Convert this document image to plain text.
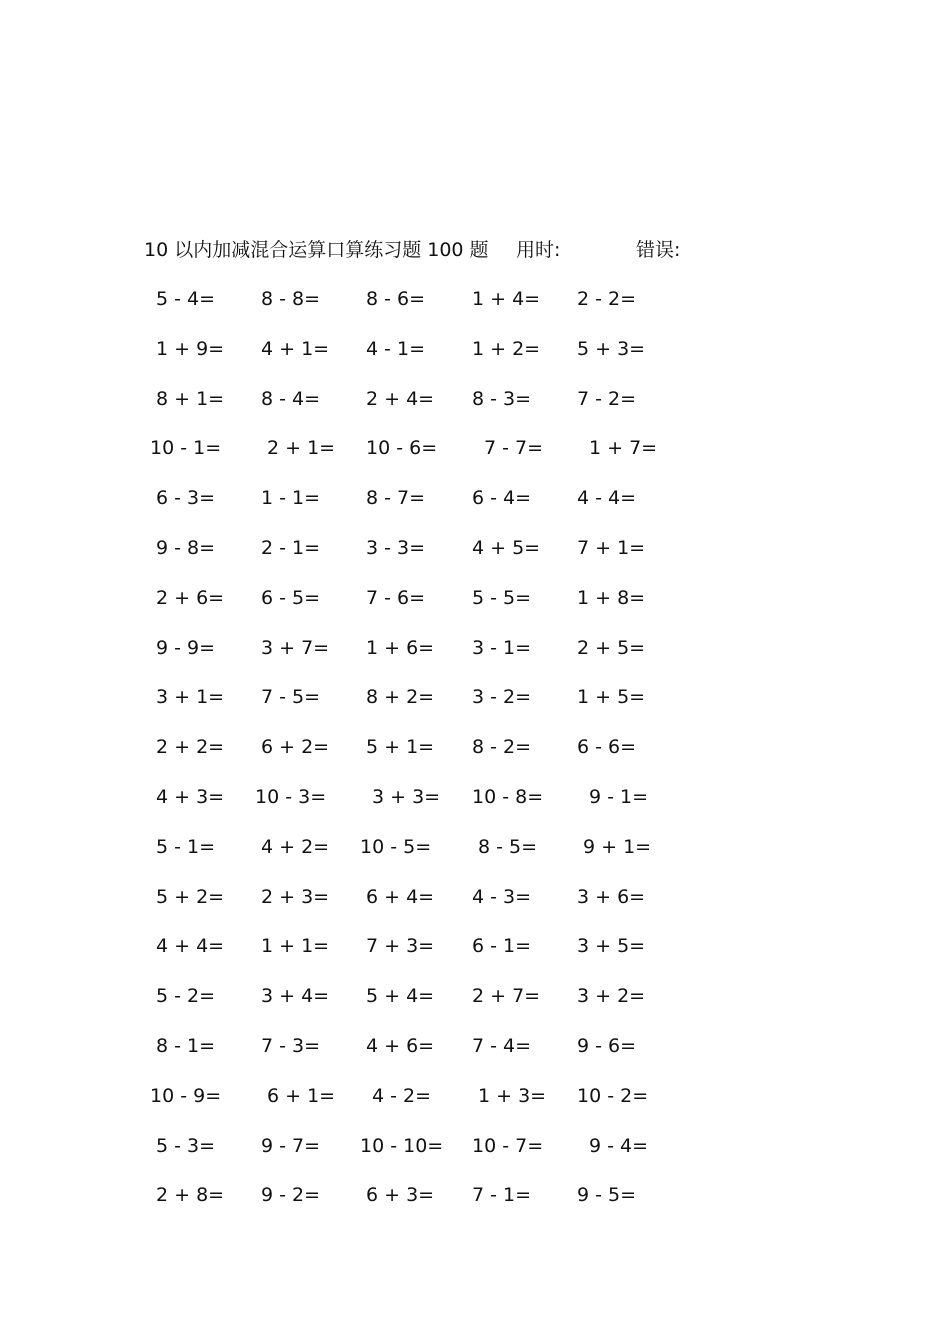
10 以内加减混合运算口算练习题 100 题 用时:	错误:
5 - 4= 8 - 8= 8 - 6= 1 + 4= 2 - 2=
1 + 9= 4 + 1= 4 - 1= 1 + 2= 5 + 3=
8 + 1= 8 - 4= 2 + 4= 8 - 3= 7 - 2=
10 - 1= 2 + 1= 10 - 6= 7 - 7= 1 + 7=
6 - 3= 1 - 1= 8 - 7= 6 - 4= 4 - 4=
9 - 8= 2 - 1= 3 - 3= 4 + 5= 7 + 1=
2 + 6= 6 - 5= 7 - 6= 5 - 5= 1 + 8=
9 - 9= 3 + 7= 1 + 6= 3 - 1= 2 + 5=
3 + 1= 7 - 5= 8 + 2= 3 - 2= 1 + 5=
2 + 2= 6 + 2= 5 + 1= 8 - 2= 6 - 6=
4 + 3= 10 - 3= 3 + 3= 10 - 8= 9 - 1=
5 - 1= 4 + 2= 10 - 5= 8 - 5= 9 + 1=
5 + 2= 2 + 3= 6 + 4= 4 - 3= 3 + 6=
4 + 4= 1 + 1= 7 + 3= 6 - 1= 3 + 5=
5 - 2= 3 + 4= 5 + 4= 2 + 7= 3 + 2=
8 - 1= 7 - 3= 4 + 6= 7 - 4= 9 - 6=
10 - 9= 6 + 1= 4 - 2= 1 + 3= 10 - 2=
5 - 3= 9 - 7= 10 - 10= 10 - 7= 9 - 4=
2 + 8= 9 - 2= 6 + 3= 7 - 1= 9 - 5=
